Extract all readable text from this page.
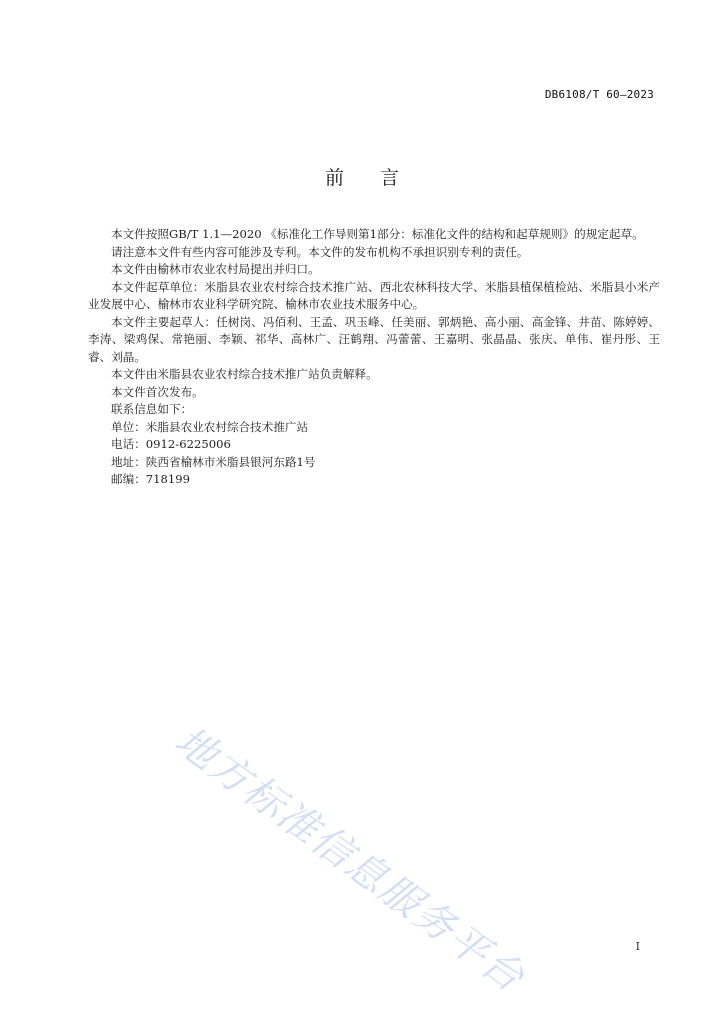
DB6108/T 60—2023
前言

本文件按照GB/T 1.1—2020 《标准化工作导则第1部分：标准化文件的结构和起草规则》的规定起草。

请注意本文件有些内容可能涉及专利。本文件的发布机构不承担识别专利的责任。

本文件由榆林市农业农村局提出并归口。

本文件起草单位：米脂县农业农村综合技术推广站、西北农林科技大学、米脂县植保植检站、米脂县小米产业发展中心、榆林市农业科学研究院、榆林市农业技术服务中心。

本文件主要起草人：任树岗、冯佰利、王孟、巩玉峰、任美丽、郭炳艳、高小丽、高金锋、井苗、陈婷婷、李涛、梁鸡保、常艳丽、李颖、祁华、高林广、汪鹤翔、冯蕾蕾、王嘉明、张晶晶、张庆、单伟、崔丹彤、王睿、刘晶。

本文件由米脂县农业农村综合技术推广站负责解释。

本文件首次发布。

联系信息如下：

单位：米脂县农业农村综合技术推广站

电话：0912-6225006

地址：陕西省榆林市米脂县银河东路1号

邮编：718199

地方标准信息服务平台	I
